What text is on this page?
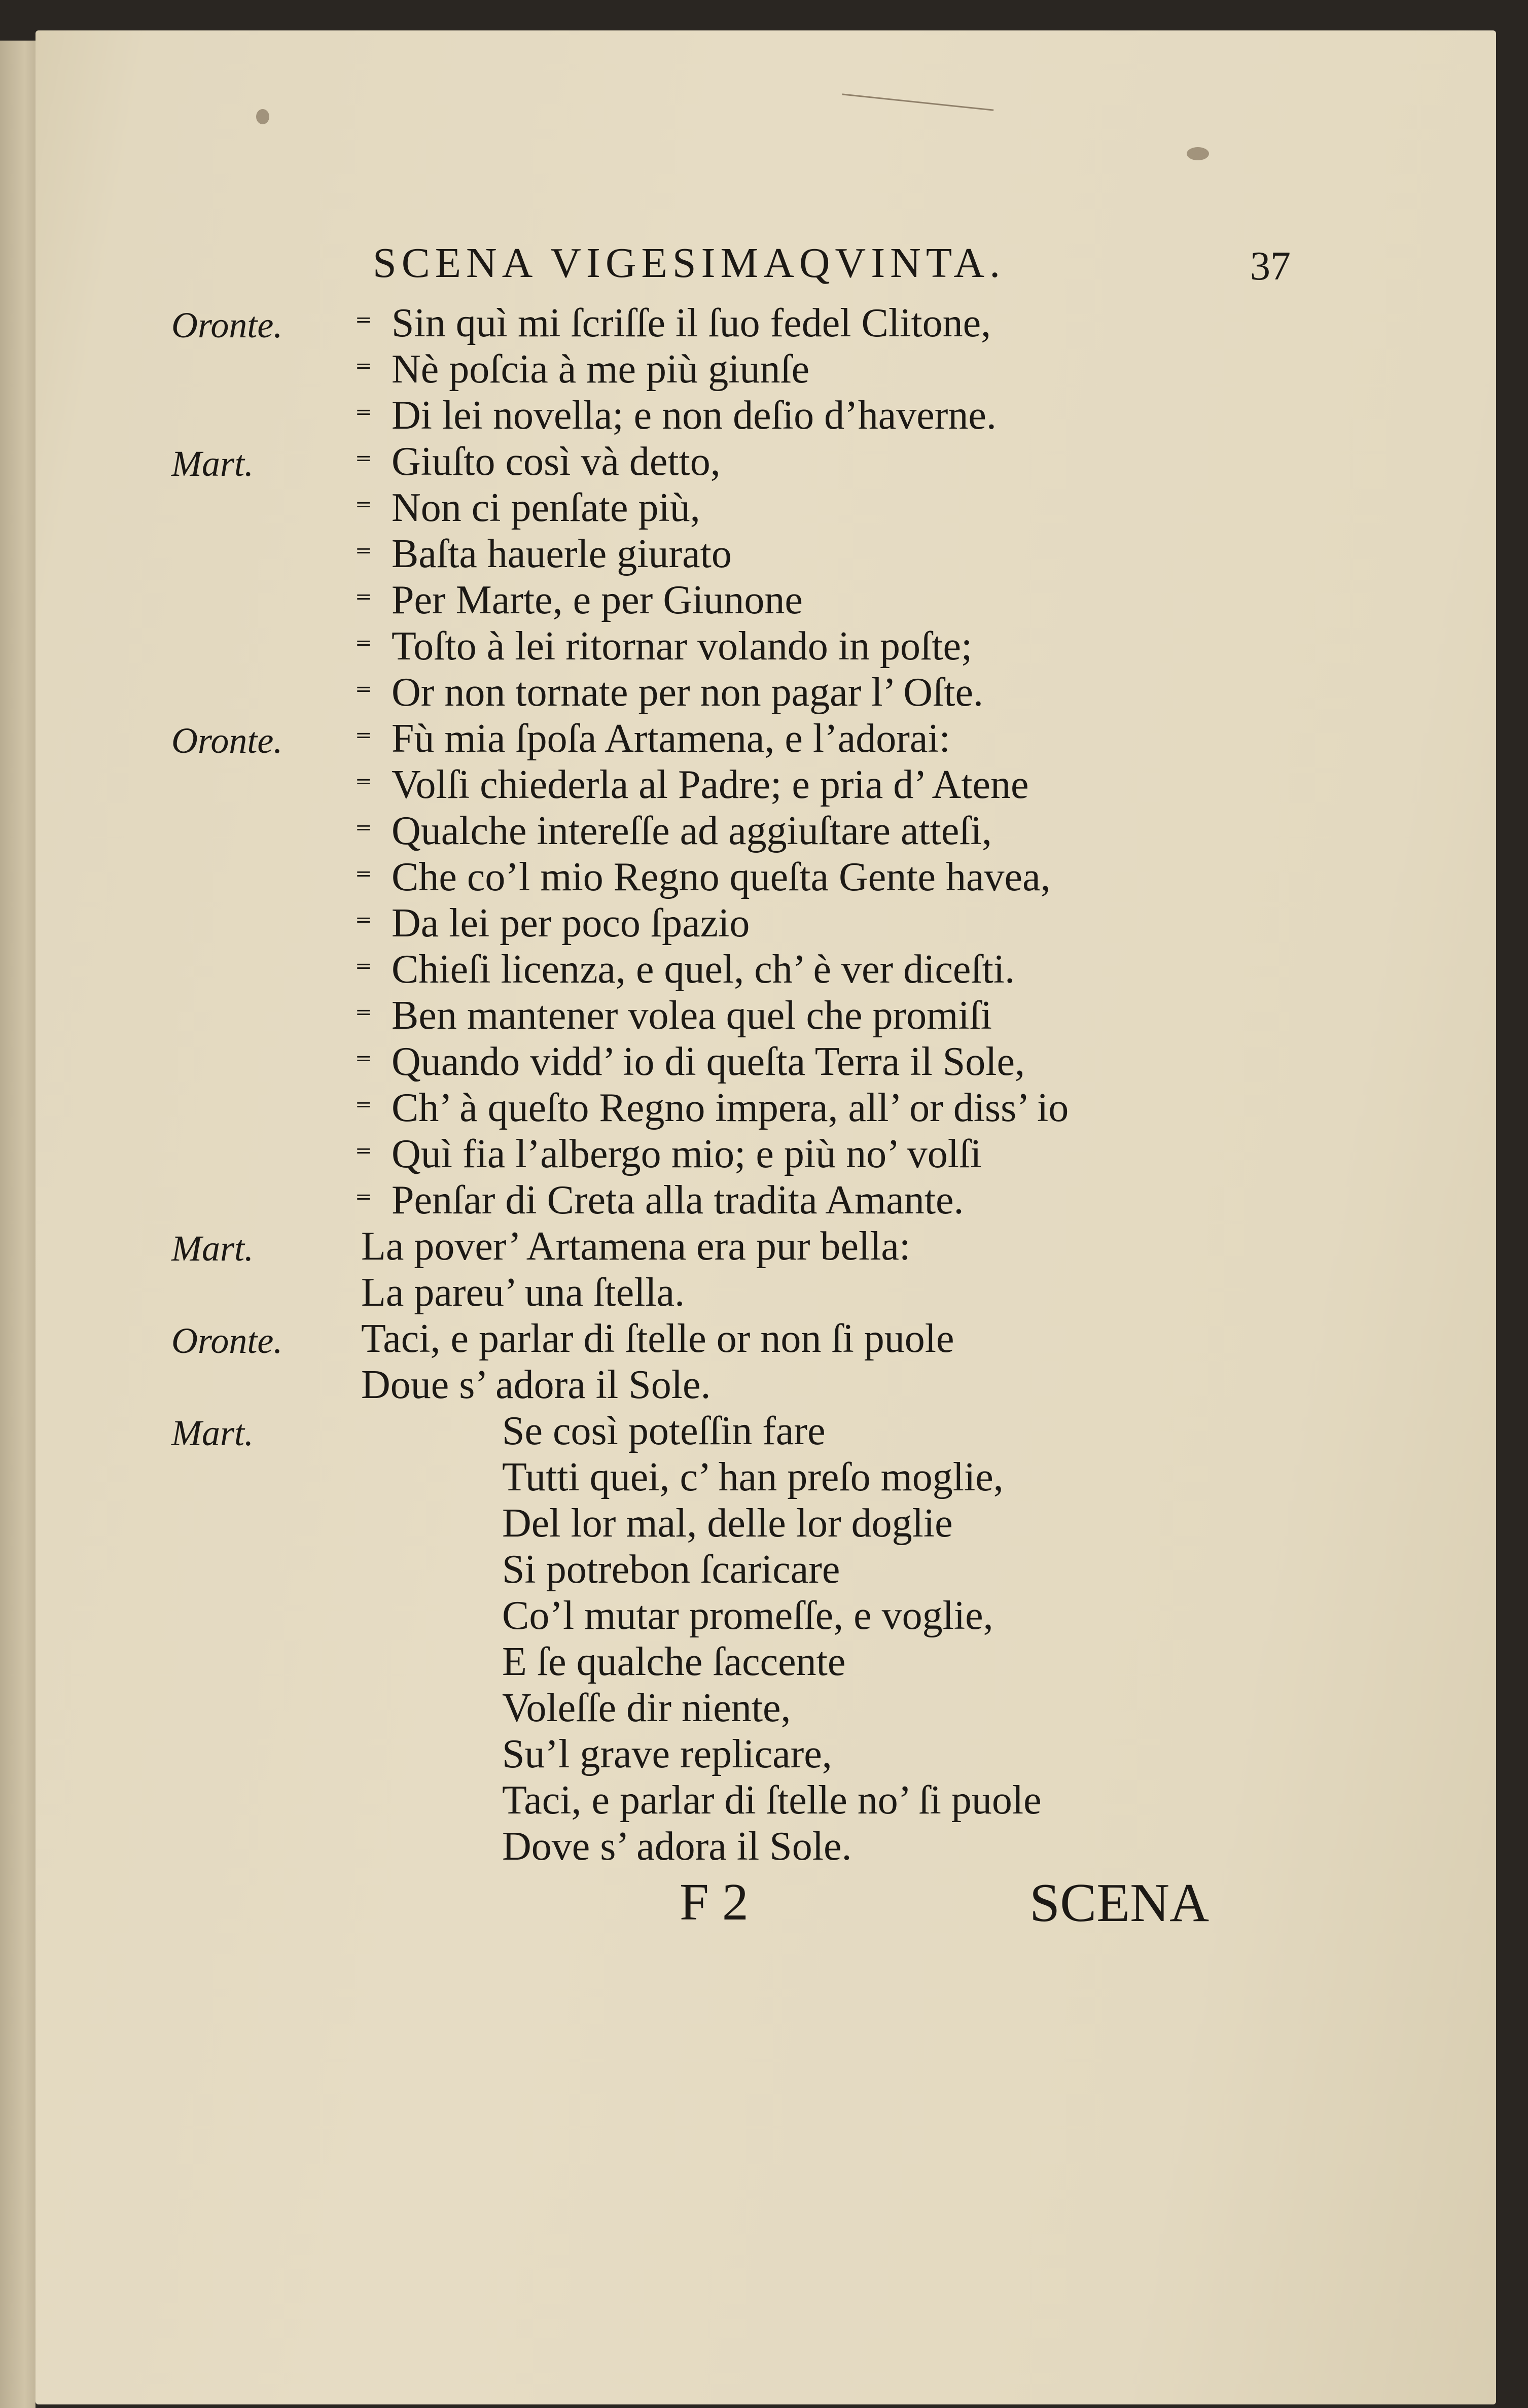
SCENA VIGESIMAQVINTA.	37
Oronte. ⁼ Sin quì mi ſcriſſe il ſuo fedel Clitone,
⁼ Nè poſcia à me più giunſe
⁼ Di lei novella; e non deſio d’haverne.
Mart.	⁼ Giuſto così và detto,
⁼ Non ci penſate più,
⁼ Baſta hauerle giurato
⁼ Per Marte, e per Giunone
⁼ Toſto à lei ritornar volando in poſte;
⁼ Or non tornate per non pagar l’ Oſte.
Oronte. ⁼ Fù mia ſpoſa Artamena, e l’adorai:
⁼ Volſi chiederla al Padre; e pria d’ Atene
⁼ Qualche intereſſe ad aggiuſtare atteſi,
⁼ Che co’l mio Regno queſta Gente havea,
⁼ Da lei per poco ſpazio
⁼ Chieſi licenza, e quel, ch’ è ver diceſti.
⁼ Ben mantener volea quel che promiſi
⁼ Quando vidd’ io di queſta Terra il Sole,
⁼ Ch’ à queſto Regno impera, all’ or diss’ io
⁼ Quì fia l’albergo mio; e più no’ volſi
⁼ Penſar di Creta alla tradita Amante.
Mart.	La pover’ Artamena era pur bella:
La pareu’ una ſtella.
Oronte. Taci, e parlar di ſtelle or non ſi puole
Doue s’ adora il Sole.
Mart.	Se così poteſſin fare
Tutti quei, c’ han preſo moglie,
Del lor mal, delle lor doglie
Si potrebon ſcaricare
Co’l mutar promeſſe, e voglie,
E ſe qualche ſaccente
Voleſſe dir niente,
Su’l grave replicare,
Taci, e parlar di ſtelle no’ ſi puole
Dove s’ adora il Sole.
F 2	SCENA
